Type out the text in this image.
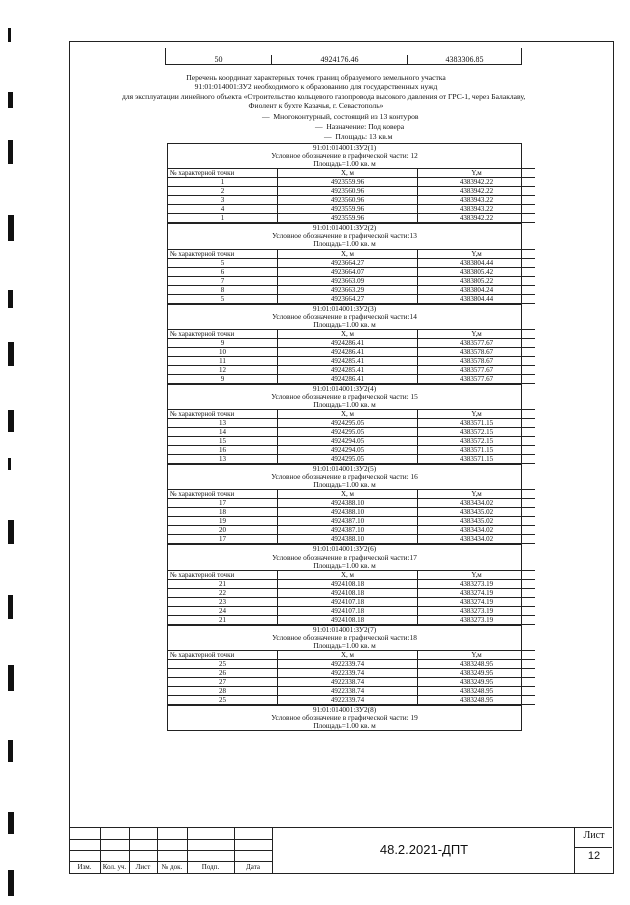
50	4924176.46	4383306.85
Перечень координат характерных точек границ образуемого земельного участка
91:01:014001:ЗУ2 необходимого к образованию для государственных нужд
для эксплуатации линейного объекта «Строительство кольцевого газопровода высокого давления от ГРС-1, через Балаклаву,
Фиолент к бухте Казачья, г. Севастополь»
—  Многоконтурный, состоящий из 13 контуров
—  Назначение: Под ковера
—  Площадь: 13 кв.м
91:01:014001:ЗУ2(1)
Условное обозначение в графической части: 12
Площадь=1.00 кв. м
№ характерной точки	X, м	Y,м
1	4923559.96	4383942.22
2	4923560.96	4383942.22
3	4923560.96	4383943.22
4	4923559.96	4383943.22
1	4923559.96	4383942.22
91:01:014001:ЗУ2(2)
Условное обозначение в графической части:13
Площадь=1.00 кв. м
№ характерной точки	X, м	Y,м
5	4923664.27	4383804.44
6	4923664.07	4383805.42
7	4923663.09	4383805.22
8	4923663.29	4383804.24
5	4923664.27	4383804.44
91:01:014001:ЗУ2(3)
Условное обозначение в графической части:14
Площадь=1.00 кв. м
№ характерной точки	X, м	Y,м
9	4924286.41	4383577.67
10	4924286.41	4383578.67
11	4924285.41	4383578.67
12	4924285.41	4383577.67
9	4924286.41	4383577.67
91:01:014001:ЗУ2(4)
Условное обозначение в графической части: 15
Площадь=1.00 кв. м
№ характерной точки	X, м	Y,м
13	4924295.05	4383571.15
14	4924295.05	4383572.15
15	4924294.05	4383572.15
16	4924294.05	4383571.15
13	4924295.05	4383571.15
91:01:014001:ЗУ2(5)
Условное обозначение в графической части: 16
Площадь=1.00 кв. м
№ характерной точки	X, м	Y,м
17	4924388.10	4383434.02
18	4924388.10	4383435.02
19	4924387.10	4383435.02
20	4924387.10	4383434.02
17	4924388.10	4383434.02
91:01:014001:ЗУ2(6)
Условное обозначение в графической части:17
Площадь=1.00 кв. м
№ характерной точки	X, м	Y,м
21	4924108.18	4383273.19
22	4924108.18	4383274.19
23	4924107.18	4383274.19
24	4924107.18	4383273.19
21	4924108.18	4383273.19
91:01:014001:ЗУ2(7)
Условное обозначение в графической части:18
Площадь=1.00 кв. м
№ характерной точки	X, м	Y,м
25	4922339.74	4383248.95
26	4922339.74	4383249.95
27	4922338.74	4383249.95
28	4922338.74	4383248.95
25	4922339.74	4383248.95
91:01:014001:ЗУ2(8)
Условное обозначение в графической части: 19
Площадь=1.00 кв. м
Изм.	Кол. уч.	Лист	№ док.	Подп.	Дата
48.2.2021-ДПТ
Лист
12
